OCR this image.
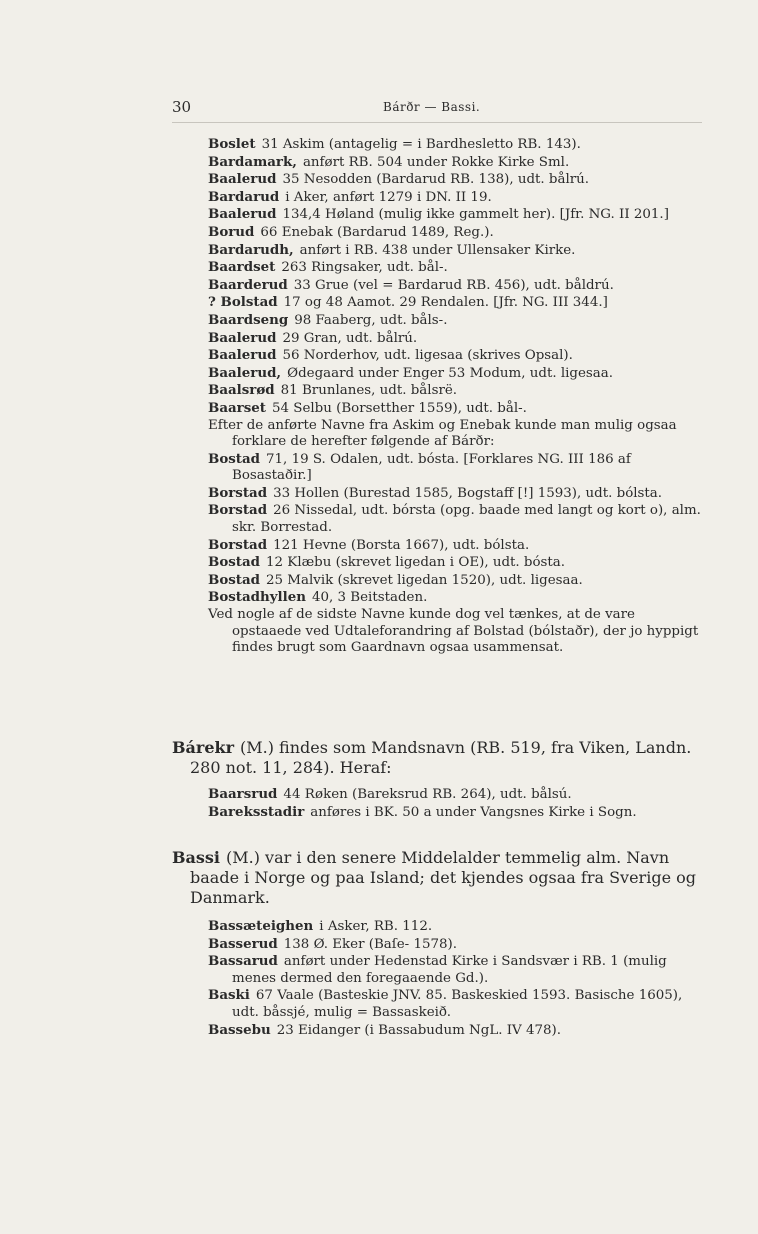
30	Bárðr — Bassi.

Boslet 31 Askim (antagelig = i Bardhesletto RB. 143).

Bardamark, anført RB. 504 under Rokke Kirke Sml.

Baalerud 35 Nesodden (Bardarud RB. 138), udt. bålrú.

Bardarud i Aker, anført 1279 i DN. II 19.

Baalerud 134,4 Høland (mulig ikke gammelt her). [Jfr. NG. II 201.]

Borud 66 Enebak (Bardarud 1489, Reg.).

Bardarudh, anført i RB. 438 under Ullensaker Kirke.

Baardset 263 Ringsaker, udt. bål-.

Baarderud 33 Grue (vel = Bardarud RB. 456), udt. båldrú.

? Bolstad 17 og 48 Aamot. 29 Rendalen. [Jfr. NG. III 344.]

Baardseng 98 Faaberg, udt. båls-.

Baalerud 29 Gran, udt. bålrú.

Baalerud 56 Norderhov, udt. ligesaa (skrives Opsal).

Baalerud, Ødegaard under Enger 53 Modum, udt. ligesaa.

Baalsrød 81 Brunlanes, udt. bålsrë.

Baarset 54 Selbu (Borsetther 1559), udt. bål-.

Efter de anførte Navne fra Askim og Enebak kunde man mulig ogsaa forklare de herefter følgende af Bárðr:

Bostad 71, 19 S. Odalen, udt. bósta. [Forklares NG. III 186 af Bosastaðir.]

Borstad 33 Hollen (Burestad 1585, Bogstaff [!] 1593), udt. bólsta.

Borstad 26 Nissedal, udt. bórsta (opg. baade med langt og kort o), alm. skr. Borrestad.

Borstad 121 Hevne (Borsta 1667), udt. bólsta.

Bostad 12 Klæbu (skrevet ligedan i OE), udt. bósta.

Bostad 25 Malvik (skrevet ligedan 1520), udt. ligesaa.

Bostadhyllen 40, 3 Beitstaden.

Ved nogle af de sidste Navne kunde dog vel tænkes, at de vare opstaaede ved Udtaleforandring af Bolstad (bólstaðr), der jo hyppigt findes brugt som Gaardnavn ogsaa usammensat.

Bárekr (M.) findes som Mandsnavn (RB. 519, fra Viken, Landn. 280 not. 11, 284). Heraf:

Baarsrud 44 Røken (Bareksrud RB. 264), udt. bålsú.

Bareksstadir anføres i BK. 50 a under Vangsnes Kirke i Sogn.

Bassi (M.) var i den senere Middelalder temmelig alm. Navn baade i Norge og paa Island; det kjendes ogsaa fra Sverige og Danmark.

Bassæteighen i Asker, RB. 112.

Basserud 138 Ø. Eker (Baſe- 1578).

Bassarud anført under Hedenstad Kirke i Sandsvær i RB. 1 (mulig menes dermed den foregaaende Gd.).

Baski 67 Vaale (Basteskie JNV. 85. Baskeskied 1593. Basische 1605), udt. båssjé, mulig = Bassaskeið.

Bassebu 23 Eidanger (i Bassabudum NgL. IV 478).
